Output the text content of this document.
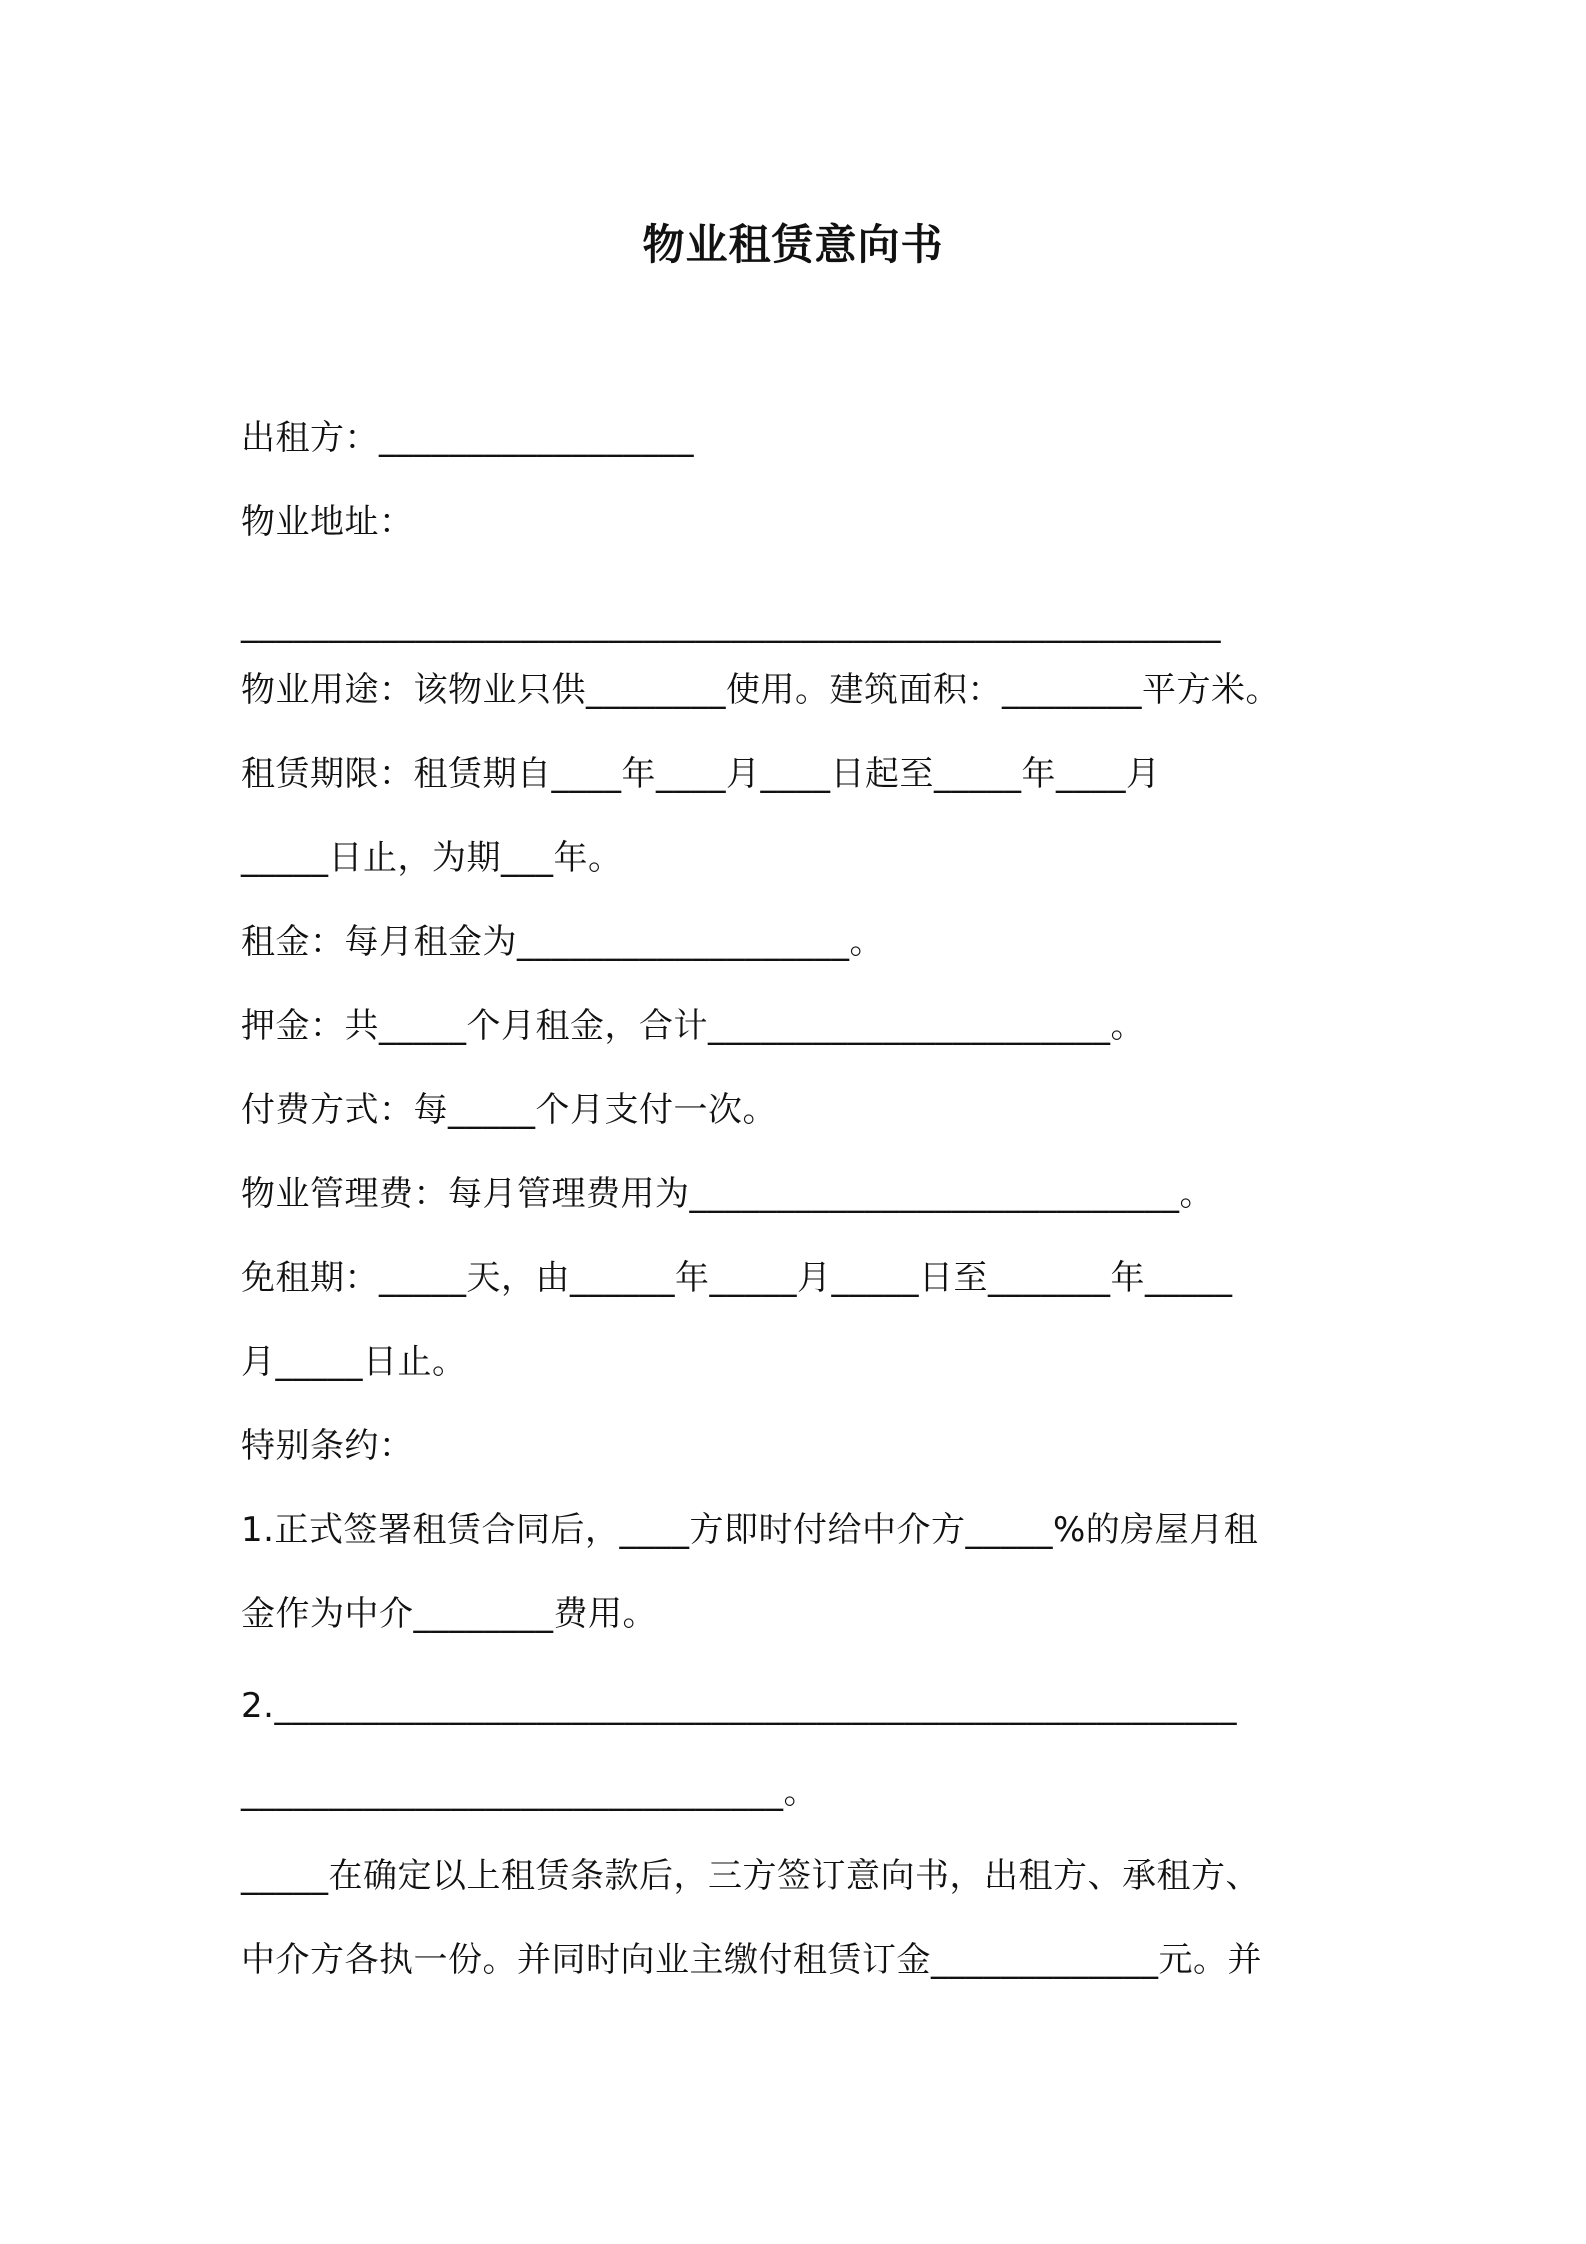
物业租赁意向书
出租方：__________________
物业地址：
________________________________________________________
物业用途：该物业只供________使用。建筑面积：________平方米。
租赁期限：租赁期自____年____月____日起至_____年____月
_____日止，为期___年。
租金：每月租金为___________________。
押金：共_____个月租金，合计_______________________。
付费方式：每_____个月支付一次。
物业管理费：每月管理费用为____________________________。
免租期：_____天，由______年_____月_____日至_______年_____
月_____日止。
特别条约：
1.正式签署租赁合同后，____方即时付给中介方_____%的房屋月租
金作为中介________费用。
2._______________________________________________________
_______________________________。
_____在确定以上租赁条款后，三方签订意向书，出租方、承租方、
中介方各执一份。并同时向业主缴付租赁订金_____________元。并
